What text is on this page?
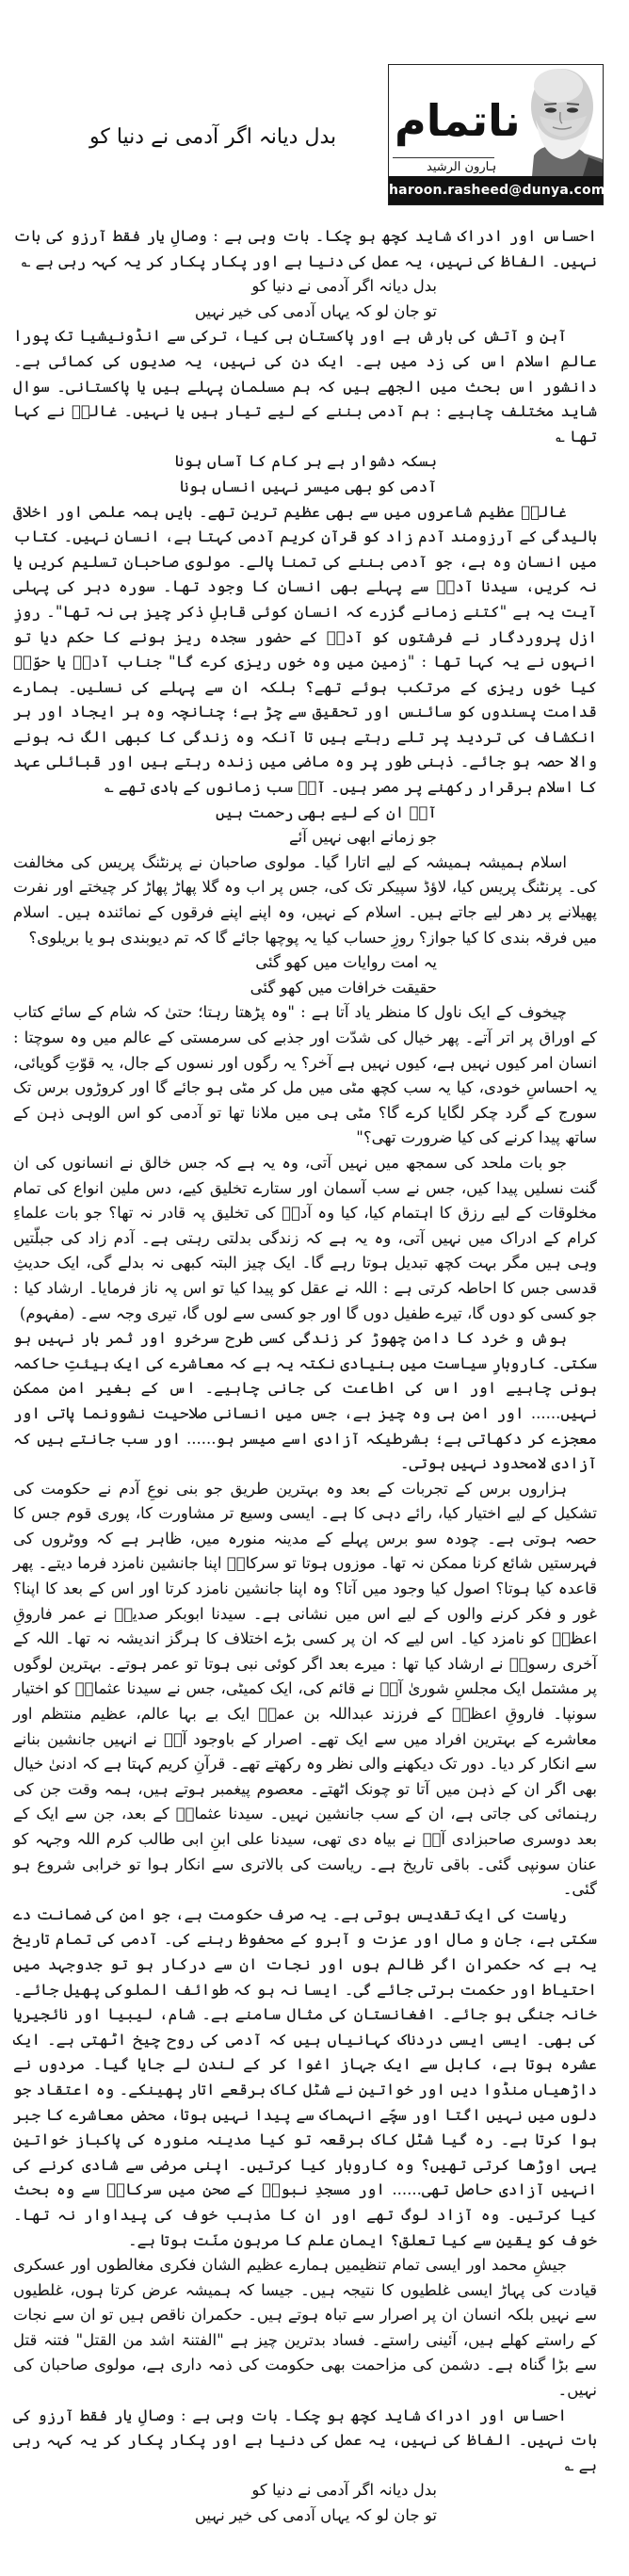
ناتمام
ہارون الرشید
haroon.rasheed@dunya.com.pk
بدل دیانہ اگر آدمی نے دنیا کو

احساس اور ادراک شاید کچھ ہو چکا۔ بات وہی ہے : وصالِ یار فقط آرزو کی بات نہیں۔ الفاظ کی نہیں، یہ عمل کی دنیا ہے اور پکار پکار کر یہ کہہ رہی ہے ؎

بدل دیانہ اگر آدمی نے دنیا کو
تو جان لو کہ یہاں آدمی کی خیر نہیں

آہن و آتش کی بارش ہے اور پاکستان ہی کیا، ترکی سے انڈونیشیا تک پورا عالمِ اسلام اس کی زد میں ہے۔ ایک دن کی نہیں، یہ صدیوں کی کمائی ہے۔ دانشور اس بحث میں الجھے ہیں کہ ہم مسلمان پہلے ہیں یا پاکستانی۔ سوال شاید مختلف چاہیے : ہم آدمی بننے کے لیے تیار ہیں یا نہیں۔ غالبؔ نے کہا تھا ؎

بسکہ دشوار ہے ہر کام کا آساں ہونا
آدمی کو بھی میسر نہیں انساں ہونا

غالبؔ عظیم شاعروں میں سے بھی عظیم ترین تھے۔ بایں ہمہ علمی اور اخلاقی بالیدگی کے آرزومند آدم زاد کو قرآنِ کریم آدمی کہتا ہے، انسان نہیں۔ کتاب میں انسان وہ ہے، جو آدمی بننے کی تمنا پالے۔ مولوی صاحبان تسلیم کریں یا نہ کریں، سیدنا آدمؑ سے پہلے بھی انسان کا وجود تھا۔ سورہ دہر کی پہلی آیت یہ ہے "کتنے زمانے گزرے کہ انسان کوئی قابلِ ذکر چیز ہی نہ تھا"۔ روزِ ازل پروردگار نے فرشتوں کو آدمؑ کے حضور سجدہ ریز ہونے کا حکم دیا تو انہوں نے یہ کہا تھا : "زمین میں وہ خوں ریزی کرے گا" جناب آدمؑ یا حوّاؑ کیا خوں ریزی کے مرتکب ہوئے تھے؟ بلکہ ان سے پہلے کی نسلیں۔ ہمارے قدامت پسندوں کو سائنس اور تحقیق سے چڑ ہے؛ چنانچہ وہ ہر ایجاد اور ہر انکشاف کی تردید پر تلے رہتے ہیں تا آنکہ وہ زندگی کا کبھی الگ نہ ہونے والا حصہ ہو جائے۔ ذہنی طور پر وہ ماضی میں زندہ رہتے ہیں اور قبائلی عہد کا اسلام برقرار رکھنے پر مصر ہیں۔ آپؐ سب زمانوں کے ہادی تھے ؎

آپؐ ان کے لیے بھی رحمت ہیں
جو زمانے ابھی نہیں آئے

اسلام ہمیشہ ہمیشہ کے لیے اتارا گیا۔ مولوی صاحبان نے پرنٹنگ پریس کی مخالفت کی۔ پرنٹنگ پریس کیا، لاؤڈ سپیکر تک کی، جس پر اب وہ گلا پھاڑ پھاڑ کر چیختے اور نفرت پھیلانے پر دھر لیے جاتے ہیں۔ اسلام کے نہیں، وہ اپنے اپنے فرقوں کے نمائندہ ہیں۔ اسلام میں فرقہ بندی کا کیا جواز؟ روزِ حساب کیا یہ پوچھا جائے گا کہ تم دیوبندی ہو یا بریلوی؟

یہ امت روایات میں کھو گئی
حقیقت خرافات میں کھو گئی

چیخوف کے ایک ناول کا منظر یاد آتا ہے : "وہ پڑھتا رہتا؛ حتیٰ کہ شام کے سائے کتاب کے اوراق پر اتر آتے۔ پھر خیال کی شدّت اور جذبے کی سرمستی کے عالم میں وہ سوچتا : انسان امر کیوں نہیں ہے، کیوں نہیں ہے آخر؟ یہ رگوں اور نسوں کے جال، یہ قوّتِ گویائی، یہ احساسِ خودی، کیا یہ سب کچھ مٹی میں مل کر مٹی ہو جائے گا اور کروڑوں برس تک سورج کے گرد چکر لگایا کرے گا؟ مٹی ہی میں ملانا تھا تو آدمی کو اس الوہی ذہن کے ساتھ پیدا کرنے کی کیا ضرورت تھی؟"

جو بات ملحد کی سمجھ میں نہیں آتی، وہ یہ ہے کہ جس خالق نے انسانوں کی ان گنت نسلیں پیدا کیں، جس نے سب آسمان اور ستارے تخلیق کیے، دس ملین انواع کی تمام مخلوقات کے لیے رزق کا اہتمام کیا، کیا وہ آدمؑ کی تخلیق پہ قادر نہ تھا؟ جو بات علماءِ کرام کے ادراک میں نہیں آتی، وہ یہ ہے کہ زندگی بدلتی رہتی ہے۔ آدم زاد کی جبلّتیں وہی ہیں مگر بہت کچھ تبدیل ہوتا رہے گا۔ ایک چیز البتہ کبھی نہ بدلے گی، ایک حدیثِ قدسی جس کا احاطہ کرتی ہے : اللہ نے عقل کو پیدا کیا تو اس پہ ناز فرمایا۔ ارشاد کیا : جو کسی کو دوں گا، تیرے طفیل دوں گا اور جو کسی سے لوں گا، تیری وجہ سے۔ (مفہوم)

ہوش و خرد کا دامن چھوڑ کر زندگی کسی طرح سرخرو اور ثمر بار نہیں ہو سکتی۔ کاروبارِ سیاست میں بنیادی نکتہ یہ ہے کہ معاشرے کی ایک ہیئتِ حاکمہ ہونی چاہیے اور اس کی اطاعت کی جانی چاہیے۔ اس کے بغیر امن ممکن نہیں...... اور امن ہی وہ چیز ہے، جس میں انسانی صلاحیت نشوونما پاتی اور معجزے کر دکھاتی ہے؛ بشرطیکہ آزادی اسے میسر ہو...... اور سب جانتے ہیں کہ آزادی لامحدود نہیں ہوتی۔

ہزاروں برس کے تجربات کے بعد وہ بہترین طریق جو بنی نوعِ آدم نے حکومت کی تشکیل کے لیے اختیار کیا، رائے دہی کا ہے۔ ایسی وسیع تر مشاورت کا، پوری قوم جس کا حصہ ہوتی ہے۔ چودہ سو برس پہلے کے مدینہ منورہ میں، ظاہر ہے کہ ووٹروں کی فہرستیں شائع کرنا ممکن نہ تھا۔ موزوں ہوتا تو سرکارؐ اپنا جانشین نامزد فرما دیتے۔ پھر قاعدہ کیا ہوتا؟ اصول کیا وجود میں آتا؟ وہ اپنا جانشین نامزد کرتا اور اس کے بعد کا اپنا؟ غور و فکر کرنے والوں کے لیے اس میں نشانی ہے۔ سیدنا ابوبکر صدیقؓ نے عمر فاروقِ اعظمؓ کو نامزد کیا۔ اس لیے کہ ان پر کسی بڑے اختلاف کا ہرگز اندیشہ نہ تھا۔ اللہ کے آخری رسولؐ نے ارشاد کیا تھا : میرے بعد اگر کوئی نبی ہوتا تو عمر ہوتے۔ بہترین لوگوں پر مشتمل ایک مجلسِ شوریٰ آپؓ نے قائم کی، ایک کمیٹی، جس نے سیدنا عثمانؓ کو اختیار سونپا۔ فاروقِ اعظمؓ کے فرزند عبداللہ بن عمرؓ ایک بے بہا عالم، عظیم منتظم اور معاشرے کے بہترین افراد میں سے ایک تھے۔ اصرار کے باوجود آپؓ نے انہیں جانشین بنانے سے انکار کر دیا۔ دور تک دیکھنے والی نظر وہ رکھتے تھے۔ قرآنِ کریم کہتا ہے کہ ادنیٰ خیال بھی اگر ان کے ذہن میں آتا تو چونک اٹھتے۔ معصوم پیغمبر ہوتے ہیں، ہمہ وقت جن کی رہنمائی کی جاتی ہے، ان کے سب جانشین نہیں۔ سیدنا عثمانؓ کے بعد، جن سے ایک کے بعد دوسری صاحبزادی آپؐ نے بیاہ دی تھی، سیدنا علی ابنِ ابی طالب کرم اللہ وجہہ کو عنان سونپی گئی۔ باقی تاریخ ہے۔ ریاست کی بالاتری سے انکار ہوا تو خرابی شروع ہو گئی۔

ریاست کی ایک تقدیس ہوتی ہے۔ یہ صرف حکومت ہے، جو امن کی ضمانت دے سکتی ہے، جان و مال اور عزت و آبرو کے محفوظ رہنے کی۔ آدمی کی تمام تاریخ یہ ہے کہ حکمران اگر ظالم ہوں اور نجات ان سے درکار ہو تو جدوجہد میں احتیاط اور حکمت برتی جائے گی۔ ایسا نہ ہو کہ طوائف الملوکی پھیل جائے۔ خانہ جنگی ہو جائے۔ افغانستان کی مثال سامنے ہے۔ شام، لیبیا اور نائجیریا کی بھی۔ ایسی ایسی دردناک کہانیاں ہیں کہ آدمی کی روح چیخ اٹھتی ہے۔ ایک عشرہ ہوتا ہے، کابل سے ایک جہاز اغوا کر کے لندن لے جایا گیا۔ مردوں نے داڑھیاں منڈوا دیں اور خواتین نے شٹل کاک برقعے اتار پھینکے۔ وہ اعتقاد جو دلوں میں نہیں اگتا اور سچّے انہماک سے پیدا نہیں ہوتا، محض معاشرے کا جبر ہوا کرتا ہے۔ رہ گیا شٹل کاک برقعہ تو کیا مدینہ منورہ کی پاکباز خواتین یہی اوڑھا کرتی تھیں؟ وہ کاروبار کیا کرتیں۔ اپنی مرضی سے شادی کرنے کی انہیں آزادی حاصل تھی...... اور مسجدِ نبویؐ کے صحن میں سرکارؐ سے وہ بحث کیا کرتیں۔ وہ آزاد لوگ تھے اور ان کا مذہب خوف کی پیداوار نہ تھا۔ خوف کو یقین سے کیا تعلق؟ ایمان علم کا مرہونِ منّت ہوتا ہے۔

جیشِ محمد اور ایسی تمام تنظیمیں ہمارے عظیم الشان فکری مغالطوں اور عسکری قیادت کی پہاڑ ایسی غلطیوں کا نتیجہ ہیں۔ جیسا کہ ہمیشہ عرض کرتا ہوں، غلطیوں سے نہیں بلکہ انسان ان پر اصرار سے تباہ ہوتے ہیں۔ حکمران ناقص ہیں تو ان سے نجات کے راستے کھلے ہیں، آئینی راستے۔ فساد بدترین چیز ہے "الفتنۃ اشد من القتل" فتنہ قتل سے بڑا گناہ ہے۔ دشمن کی مزاحمت بھی حکومت کی ذمہ داری ہے، مولوی صاحبان کی نہیں۔

احساس اور ادراک شاید کچھ ہو چکا۔ بات وہی ہے : وصالِ یار فقط آرزو کی بات نہیں۔ الفاظ کی نہیں، یہ عمل کی دنیا ہے اور پکار پکار کر یہ کہہ رہی ہے ؎

بدل دیانہ اگر آدمی نے دنیا کو
تو جان لو کہ یہاں آدمی کی خیر نہیں
